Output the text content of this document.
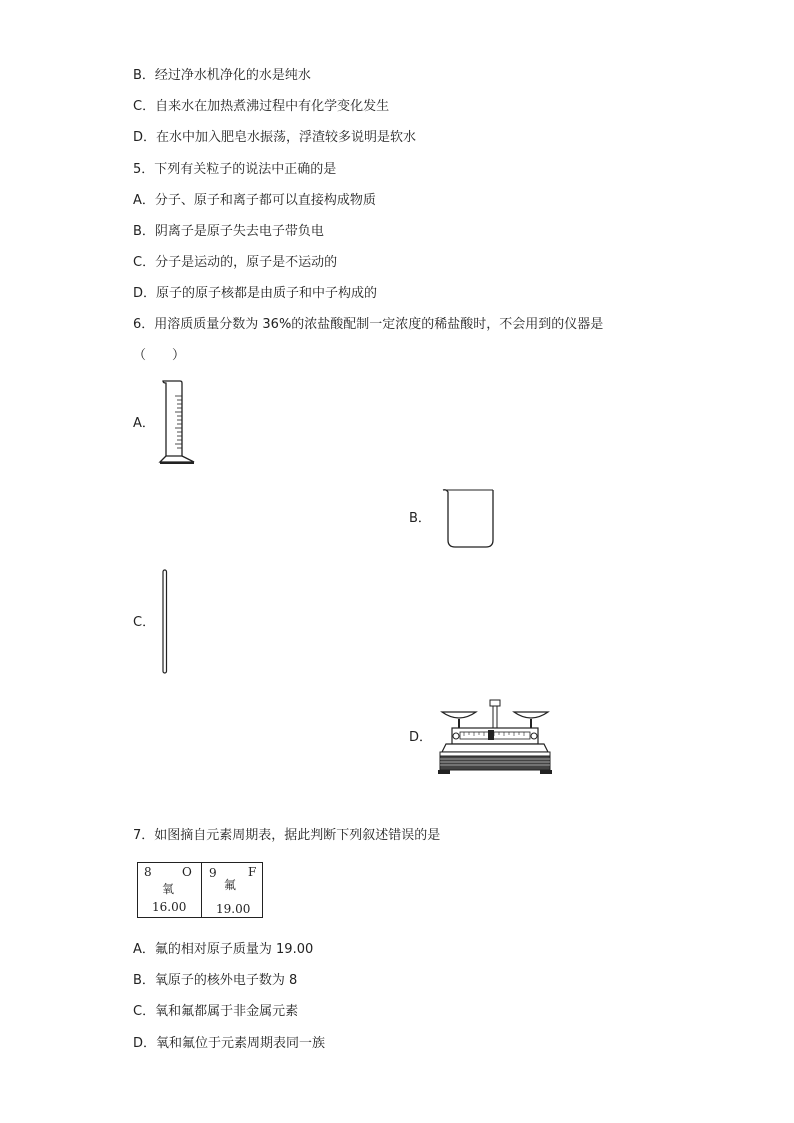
B．经过净水机净化的水是纯水
C．自来水在加热煮沸过程中有化学变化发生
D．在水中加入肥皂水振荡，浮渣较多说明是软水
5．下列有关粒子的说法中正确的是
A．分子、原子和离子都可以直接构成物质
B．阴离子是原子失去电子带负电
C．分子是运动的，原子是不运动的
D．原子的原子核都是由质子和中子构成的
6．用溶质质量分数为 36%的浓盐酸配制一定浓度的稀盐酸时，不会用到的仪器是
（　　）
A．
B．
C．
D．
7．如图摘自元素周期表，据此判断下列叙述错误的是
8	O
氧
16.00
9	F
氟
19.00
A．氟的相对原子质量为 19.00
B．氧原子的核外电子数为 8
C．氧和氟都属于非金属元素
D．氧和氟位于元素周期表同一族
